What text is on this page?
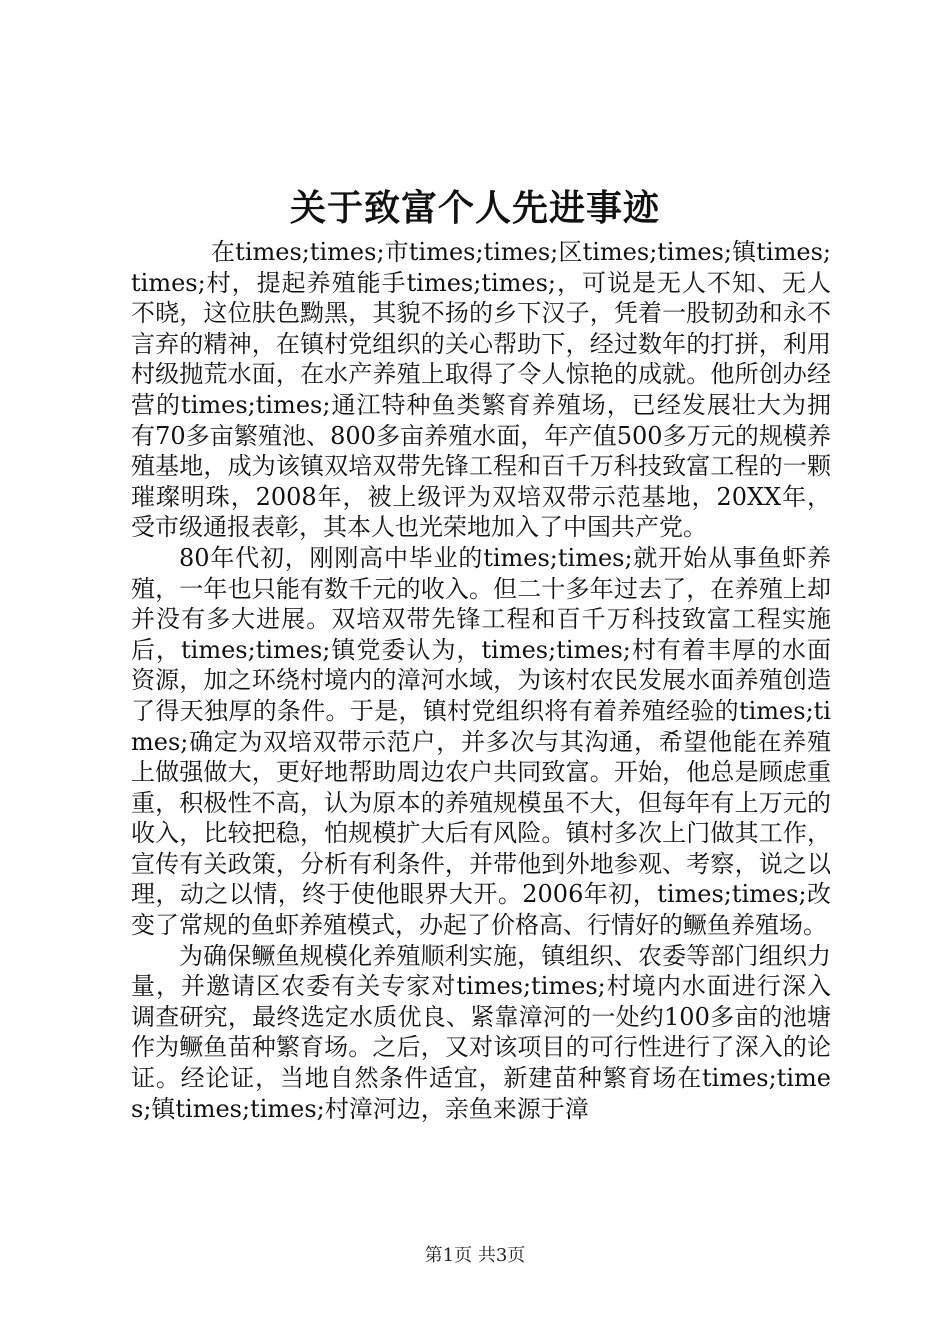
关于致富个人先进事迹

在times;times;市times;times;区times;times;镇times;times;村，提起养殖能手times;times;，可说是无人不知、无人不晓，这位肤色黝黑，其貌不扬的乡下汉子，凭着一股韧劲和永不言弃的精神，在镇村党组织的关心帮助下，经过数年的打拼，利用村级抛荒水面，在水产养殖上取得了令人惊艳的成就。他所创办经营的times;times;通江特种鱼类繁育养殖场，已经发展壮大为拥有70多亩繁殖池、800多亩养殖水面，年产值500多万元的规模养殖基地，成为该镇双培双带先锋工程和百千万科技致富工程的一颗璀璨明珠，2008年，被上级评为双培双带示范基地，20XX年，受市级通报表彰，其本人也光荣地加入了中国共产党。

80年代初，刚刚高中毕业的times;times;就开始从事鱼虾养殖，一年也只能有数千元的收入。但二十多年过去了，在养殖上却并没有多大进展。双培双带先锋工程和百千万科技致富工程实施后，times;times;镇党委认为，times;times;村有着丰厚的水面资源，加之环绕村境内的漳河水域，为该村农民发展水面养殖创造了得天独厚的条件。于是，镇村党组织将有着养殖经验的times;times;确定为双培双带示范户，并多次与其沟通，希望他能在养殖上做强做大，更好地帮助周边农户共同致富。开始，他总是顾虑重重，积极性不高，认为原本的养殖规模虽不大，但每年有上万元的收入，比较把稳，怕规模扩大后有风险。镇村多次上门做其工作，宣传有关政策，分析有利条件，并带他到外地参观、考察，说之以理，动之以情，终于使他眼界大开。2006年初，times;times;改变了常规的鱼虾养殖模式，办起了价格高、行情好的鳜鱼养殖场。

为确保鳜鱼规模化养殖顺利实施，镇组织、农委等部门组织力量，并邀请区农委有关专家对times;times;村境内水面进行深入调查研究，最终选定水质优良、紧靠漳河的一处约100多亩的池塘作为鳜鱼苗种繁育场。之后，又对该项目的可行性进行了深入的论证。经论证，当地自然条件适宜，新建苗种繁育场在times;times;镇times;times;村漳河边，亲鱼来源于漳

第1页 共3页
